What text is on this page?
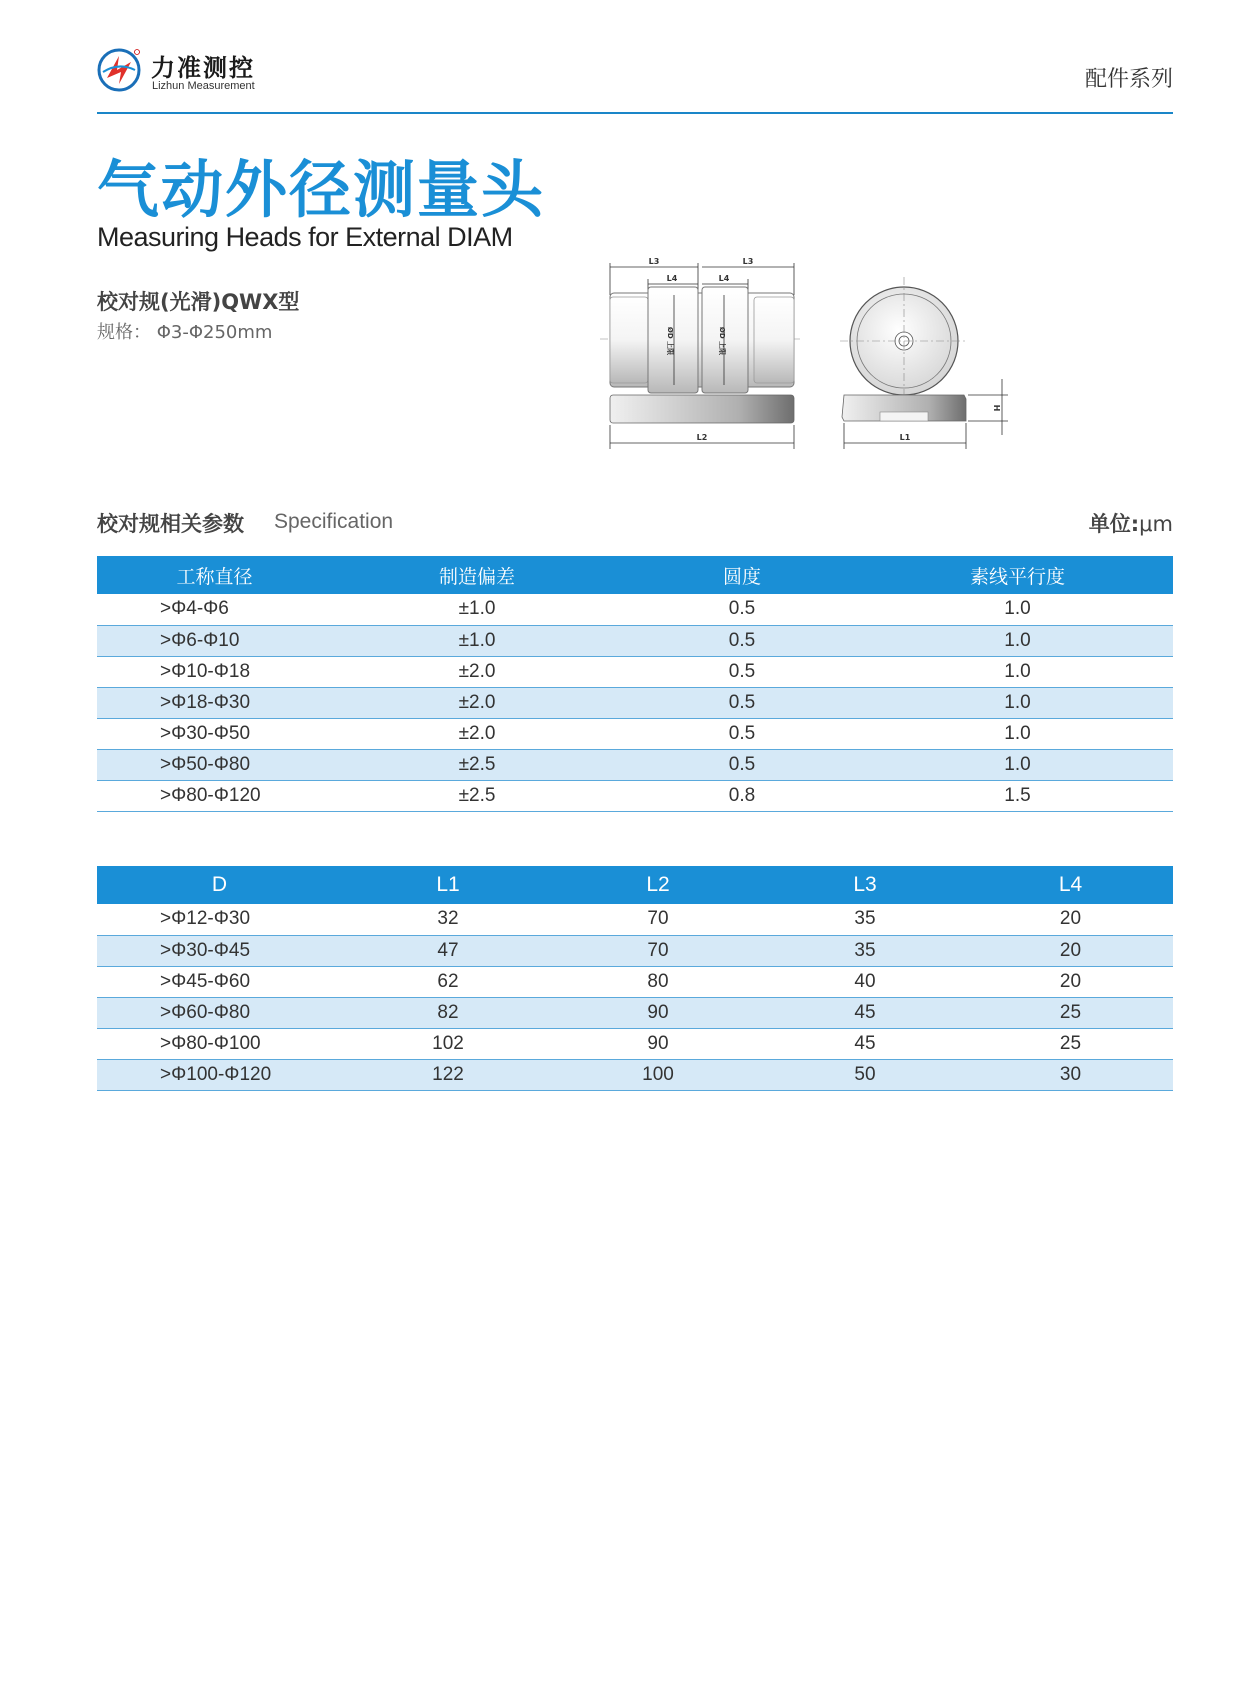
力准测控
Lizhun Measurement	配件系列
气动外径测量头
Measuring Heads for External DIAM
校对规(光滑)QWX型
规格： Φ3-Φ250mm
L3	L3
L4	L4
ØD 上限	ØD 上限
L2
H
L1
校对规相关参数 Specification	单位:μm
工称直径	制造偏差	圆度	素线平行度
>Φ4-Φ6	±1.0	0.5	1.0
>Φ6-Φ10	±1.0	0.5	1.0
>Φ10-Φ18	±2.0	0.5	1.0
>Φ18-Φ30	±2.0	0.5	1.0
>Φ30-Φ50	±2.0	0.5	1.0
>Φ50-Φ80	±2.5	0.5	1.0
>Φ80-Φ120	±2.5	0.8	1.5
D	L1	L2	L3	L4
>Φ12-Φ30	32	70	35	20
>Φ30-Φ45	47	70	35	20
>Φ45-Φ60	62	80	40	20
>Φ60-Φ80	82	90	45	25
>Φ80-Φ100	102	90	45	25
>Φ100-Φ120	122	100	50	30
